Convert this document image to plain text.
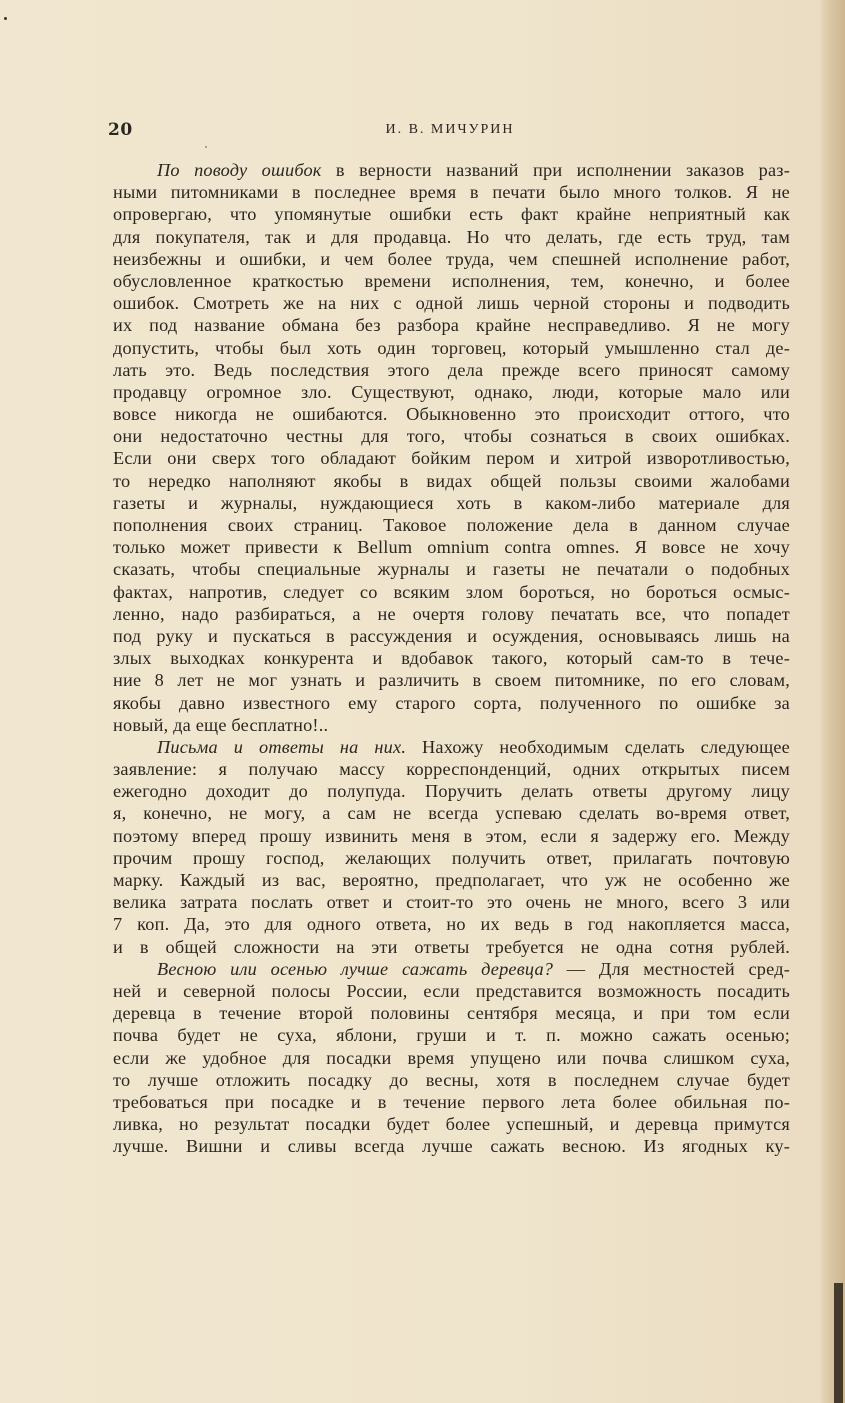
20	И. В. МИЧУРИН
По поводу ошибок в верности названий при исполнении заказов раз-
ными питомниками в последнее время в печати было много толков. Я не
опровергаю, что упомянутые ошибки есть факт крайне неприятный как
для покупателя, так и для продавца. Но что делать, где есть труд, там
неизбежны и ошибки, и чем более труда, чем спешней исполнение работ,
обусловленное краткостью времени исполнения, тем, конечно, и более
ошибок. Смотреть же на них с одной лишь черной стороны и подводить
их под название обмана без разбора крайне несправедливо. Я не могу
допустить, чтобы был хоть один торговец, который умышленно стал де-
лать это. Ведь последствия этого дела прежде всего приносят самому
продавцу огромное зло. Существуют, однако, люди, которые мало или
вовсе никогда не ошибаются. Обыкновенно это происходит оттого, что
они недостаточно честны для того, чтобы сознаться в своих ошибках.
Если они сверх того обладают бойким пером и хитрой изворотливостью,
то нередко наполняют якобы в видах общей пользы своими жалобами
газеты и журналы, нуждающиеся хоть в каком-либо материале для
пополнения своих страниц. Таковое положение дела в данном случае
только может привести к Bellum omnium contra omnes. Я вовсе не хочу
сказать, чтобы специальные журналы и газеты не печатали о подобных
фактах, напротив, следует со всяким злом бороться, но бороться осмыс-
ленно, надо разбираться, а не очертя голову печатать все, что попадет
под руку и пускаться в рассуждения и осуждения, основываясь лишь на
злых выходках конкурента и вдобавок такого, который сам-то в тече-
ние 8 лет не мог узнать и различить в своем питомнике, по его словам,
якобы давно известного ему старого сорта, полученного по ошибке за
новый, да еще бесплатно!..
Письма и ответы на них. Нахожу необходимым сделать следующее
заявление: я получаю массу корреспонденций, одних открытых писем
ежегодно доходит до полупуда. Поручить делать ответы другому лицу
я, конечно, не могу, а сам не всегда успеваю сделать во-время ответ,
поэтому вперед прошу извинить меня в этом, если я задержу его. Между
прочим прошу господ, желающих получить ответ, прилагать почтовую
марку. Каждый из вас, вероятно, предполагает, что уж не особенно же
велика затрата послать ответ и стоит-то это очень не много, всего 3 или
7 коп. Да, это для одного ответа, но их ведь в год накопляется масса,
и в общей сложности на эти ответы требуется не одна сотня рублей.
Весною или осенью лучше сажать деревца? — Для местностей сред-
ней и северной полосы России, если представится возможность посадить
деревца в течение второй половины сентября месяца, и при том если
почва будет не суха, яблони, груши и т. п. можно сажать осенью;
если же удобное для посадки время упущено или почва слишком суха,
то лучше отложить посадку до весны, хотя в последнем случае будет
требоваться при посадке и в течение первого лета более обильная по-
ливка, но результат посадки будет более успешный, и деревца примутся
лучше. Вишни и сливы всегда лучше сажать весною. Из ягодных ку-
